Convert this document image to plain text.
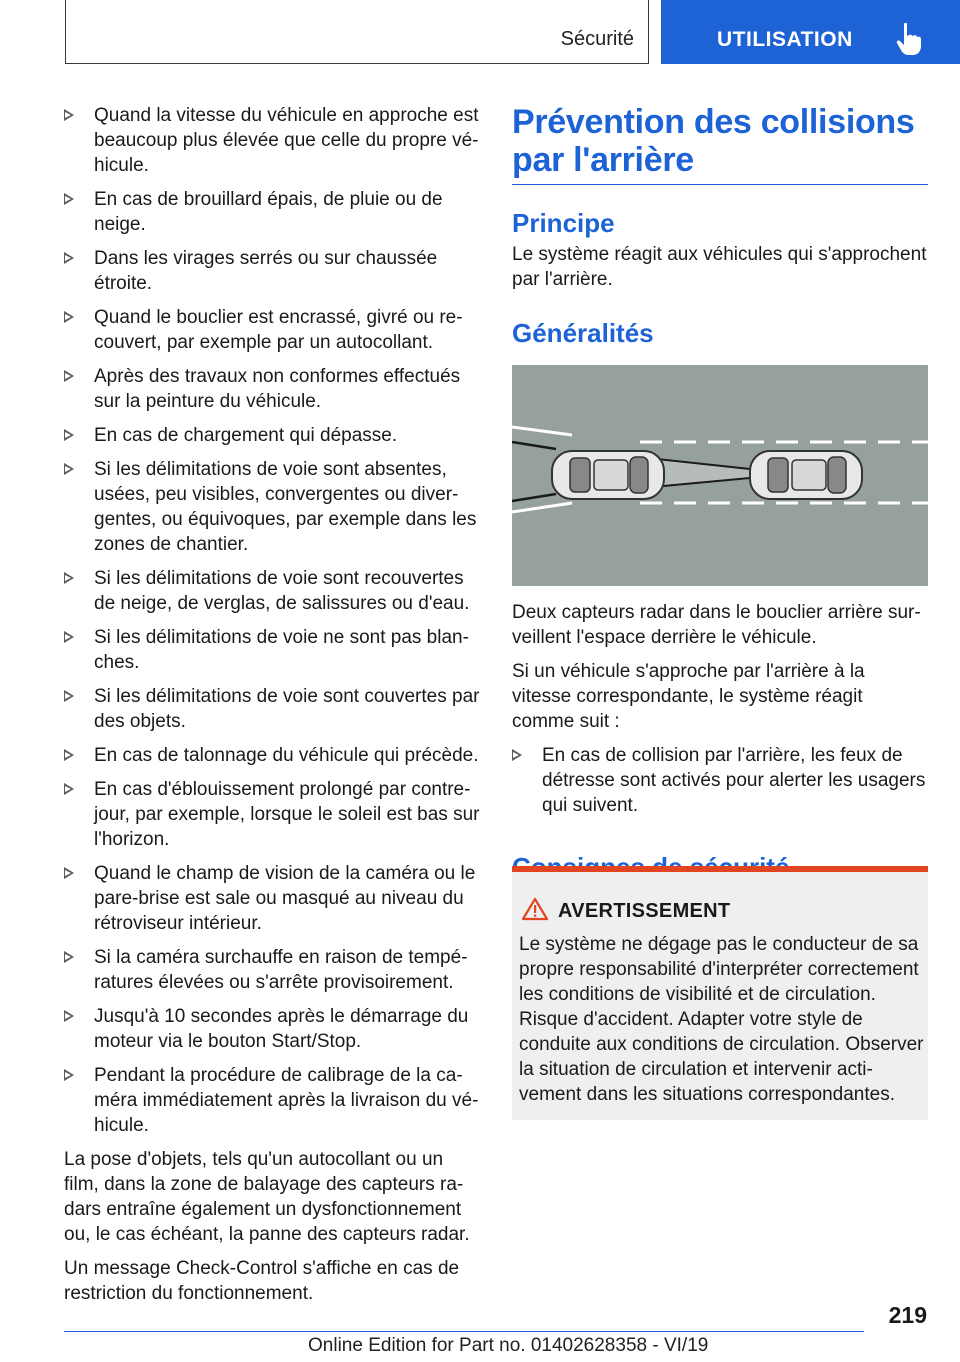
Sécurité	UTILISATION
Quand la vitesse du véhicule en approche est beaucoup plus élevée que celle du propre véhicule.
En cas de brouillard épais, de pluie ou de neige.
Dans les virages serrés ou sur chaussée étroite.
Quand le bouclier est encrassé, givré ou recouvert, par exemple par un autocollant.
Après des travaux non conformes effectués sur la peinture du véhicule.
En cas de chargement qui dépasse.
Si les délimitations de voie sont absentes, usées, peu visibles, convergentes ou divergentes, ou équivoques, par exemple dans les zones de chantier.
Si les délimitations de voie sont recouvertes de neige, de verglas, de salissures ou d'eau.
Si les délimitations de voie ne sont pas blanches.
Si les délimitations de voie sont couvertes par des objets.
En cas de talonnage du véhicule qui précède.
En cas d'éblouissement prolongé par contrejour, par exemple, lorsque le soleil est bas sur l'horizon.
Quand le champ de vision de la caméra ou le pare-brise est sale ou masqué au niveau du rétroviseur intérieur.
Si la caméra surchauffe en raison de températures élevées ou s'arrête provisoirement.
Jusqu'à 10 secondes après le démarrage du moteur via le bouton Start/Stop.
Pendant la procédure de calibrage de la caméra immédiatement après la livraison du véhicule.

La pose d'objets, tels qu'un autocollant ou un film, dans la zone de balayage des capteurs radars entraîne également un dysfonctionnement ou, le cas échéant, la panne des capteurs radar.

Un message Check-Control s'affiche en cas de restriction du fonctionnement.

Prévention des collisions par l'arrière
Principe

Le système réagit aux véhicules qui s'approchent par l'arrière.

Généralités

Deux capteurs radar dans le bouclier arrière surveillent l'espace derrière le véhicule.

Si un véhicule s'approche par l'arrière à la vitesse correspondante, le système réagit comme suit :

En cas de collision par l'arrière, les feux de détresse sont activés pour alerter les usagers qui suivent.
AVERTISSEMENT
Le système ne dégage pas le conducteur de sa propre responsabilité d'interpréter correctement les conditions de visibilité et de circulation. Risque d'accident. Adapter votre style de conduite aux conditions de circulation. Observer la situation de circulation et intervenir activement dans les situations correspondantes.
219
Online Edition for Part no. 01402628358 - VI/19
